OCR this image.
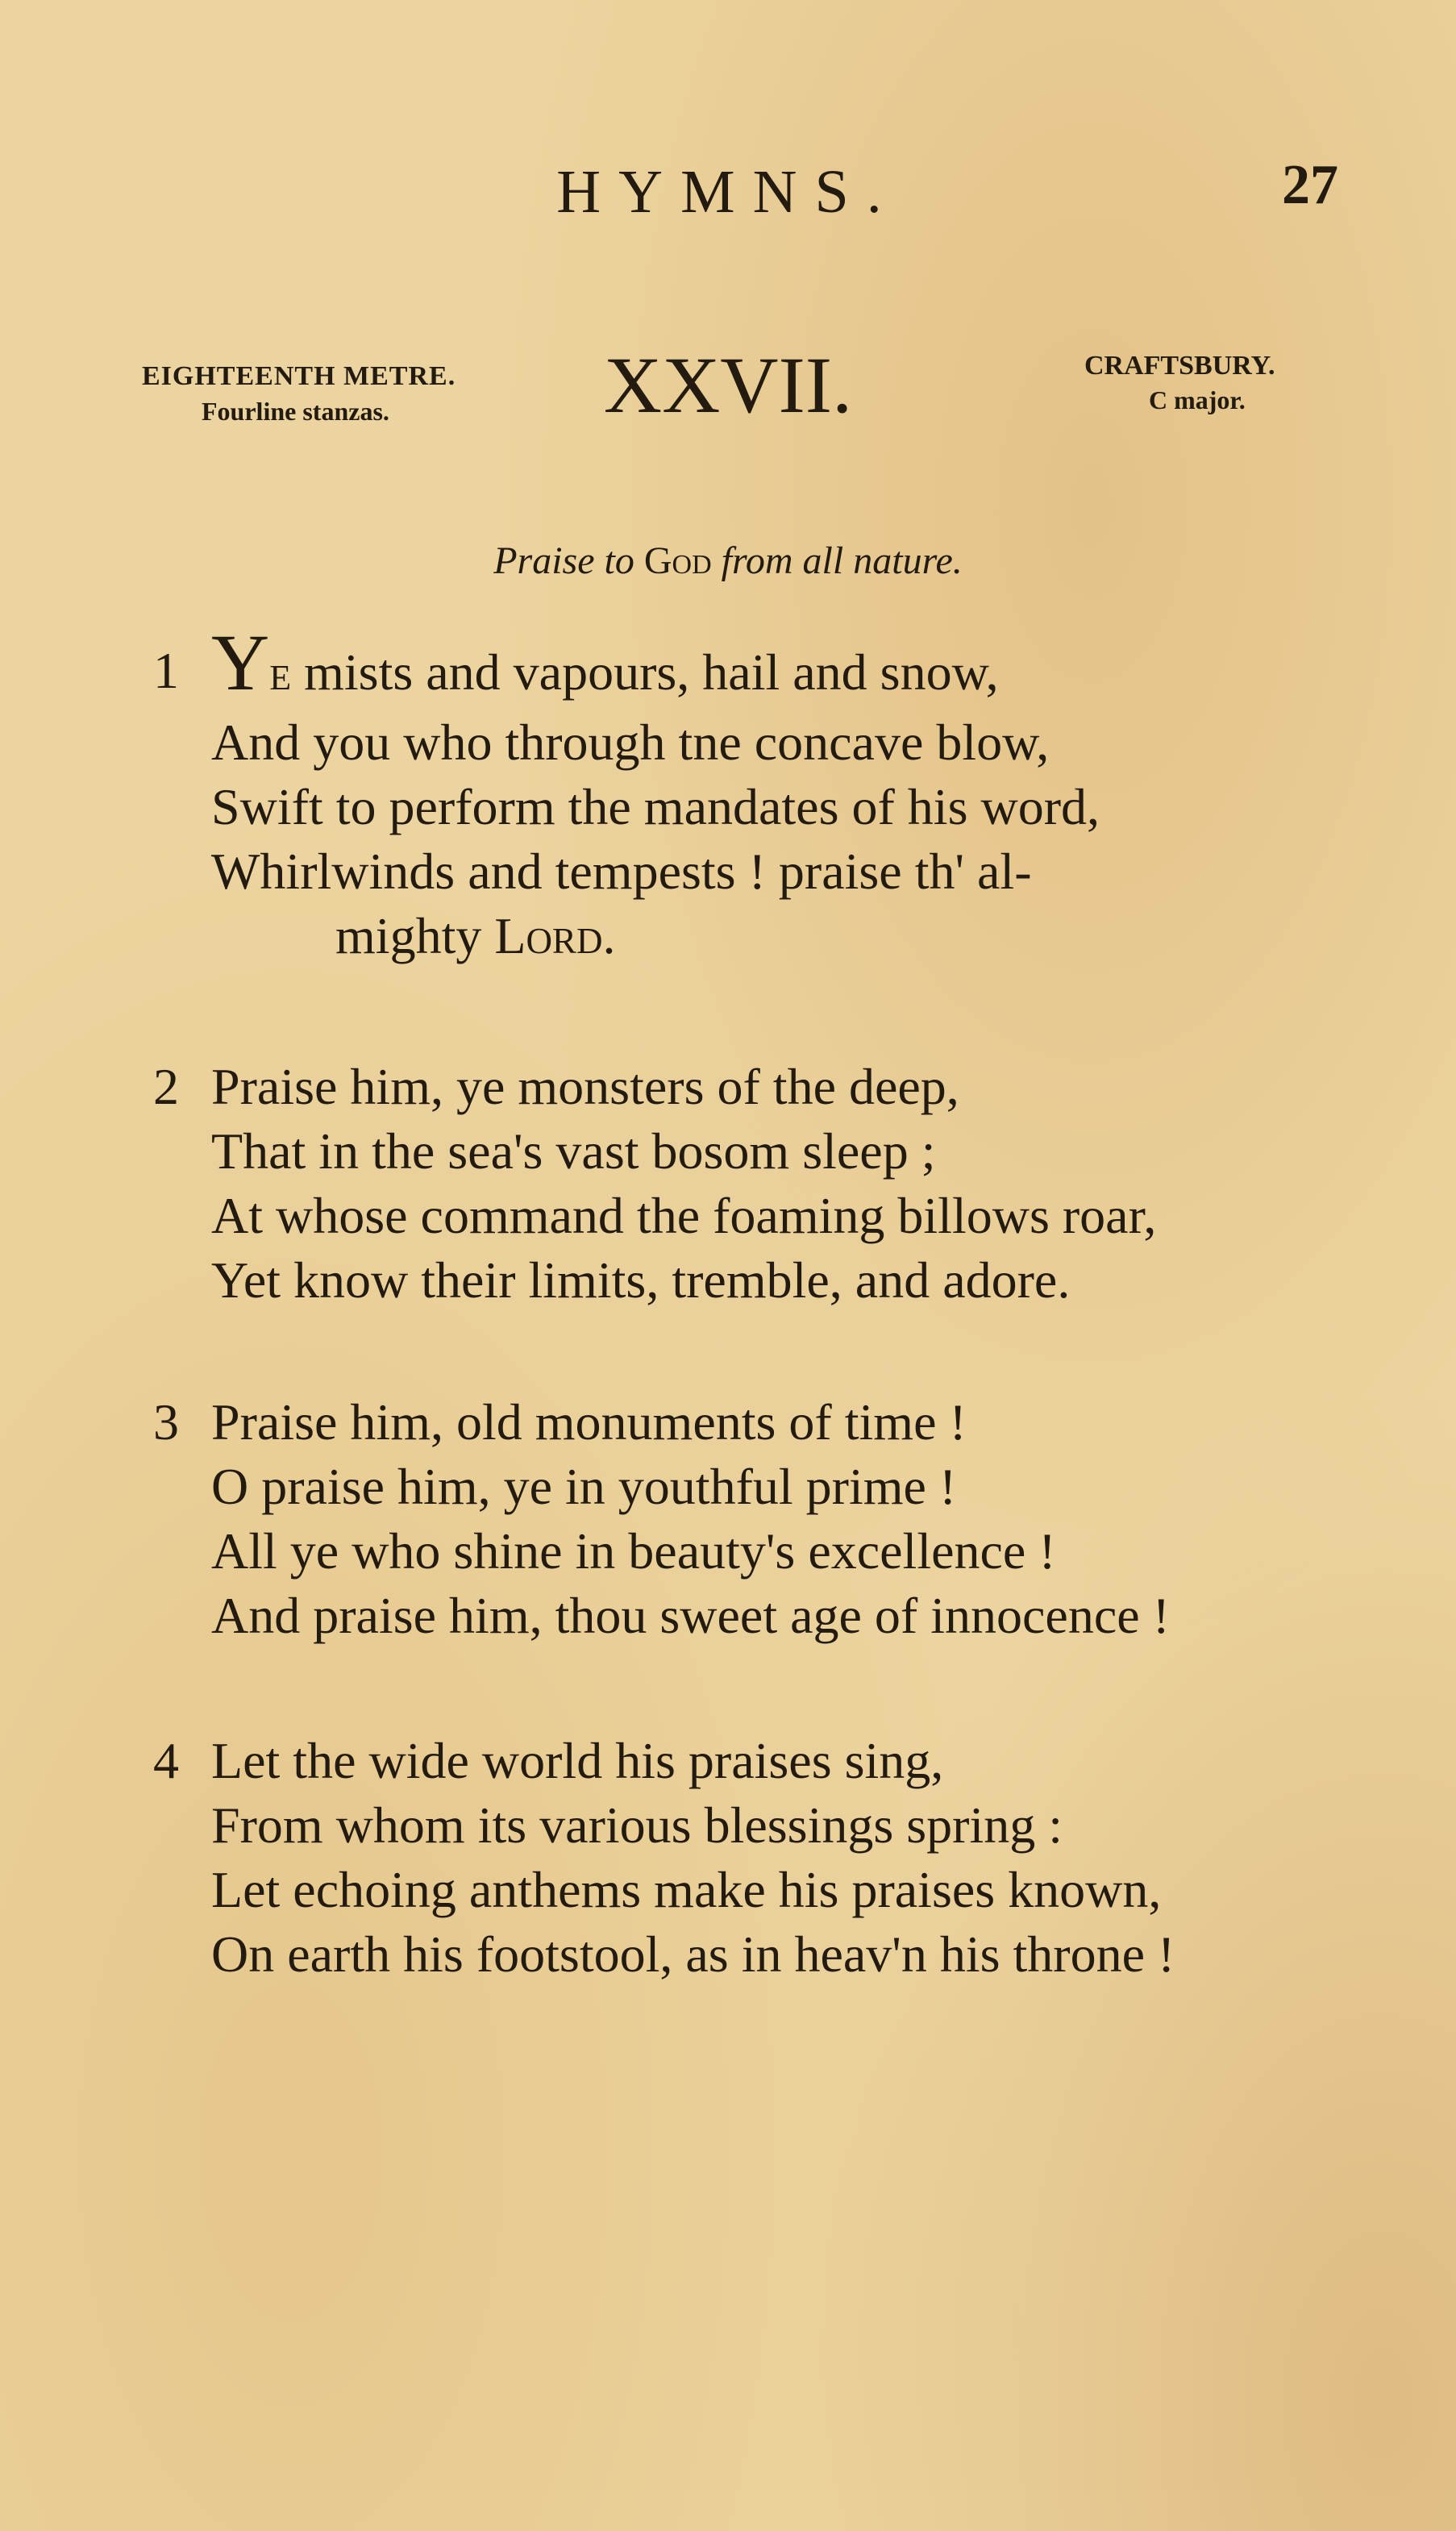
HYMNS.	27
EIGHTEENTH METRE.
Fourline stanzas.	XXVII.	CRAFTSBURY.
C major.
Praise to God from all nature.
1 YE mists and vapours, hail and snow,
And you who through tne concave blow,
Swift to perform the mandates of his word,
Whirlwinds and tempests ! praise th' al-
mighty Lord.
2 Praise him, ye monsters of the deep,
That in the sea's vast bosom sleep ;
At whose command the foaming billows roar,
Yet know their limits, tremble, and adore.
3 Praise him, old monuments of time !
O praise him, ye in youthful prime !
All ye who shine in beauty's excellence !
And praise him, thou sweet age of innocence !
4 Let the wide world his praises sing,
From whom its various blessings spring :
Let echoing anthems make his praises known,
On earth his footstool, as in heav'n his throne !
